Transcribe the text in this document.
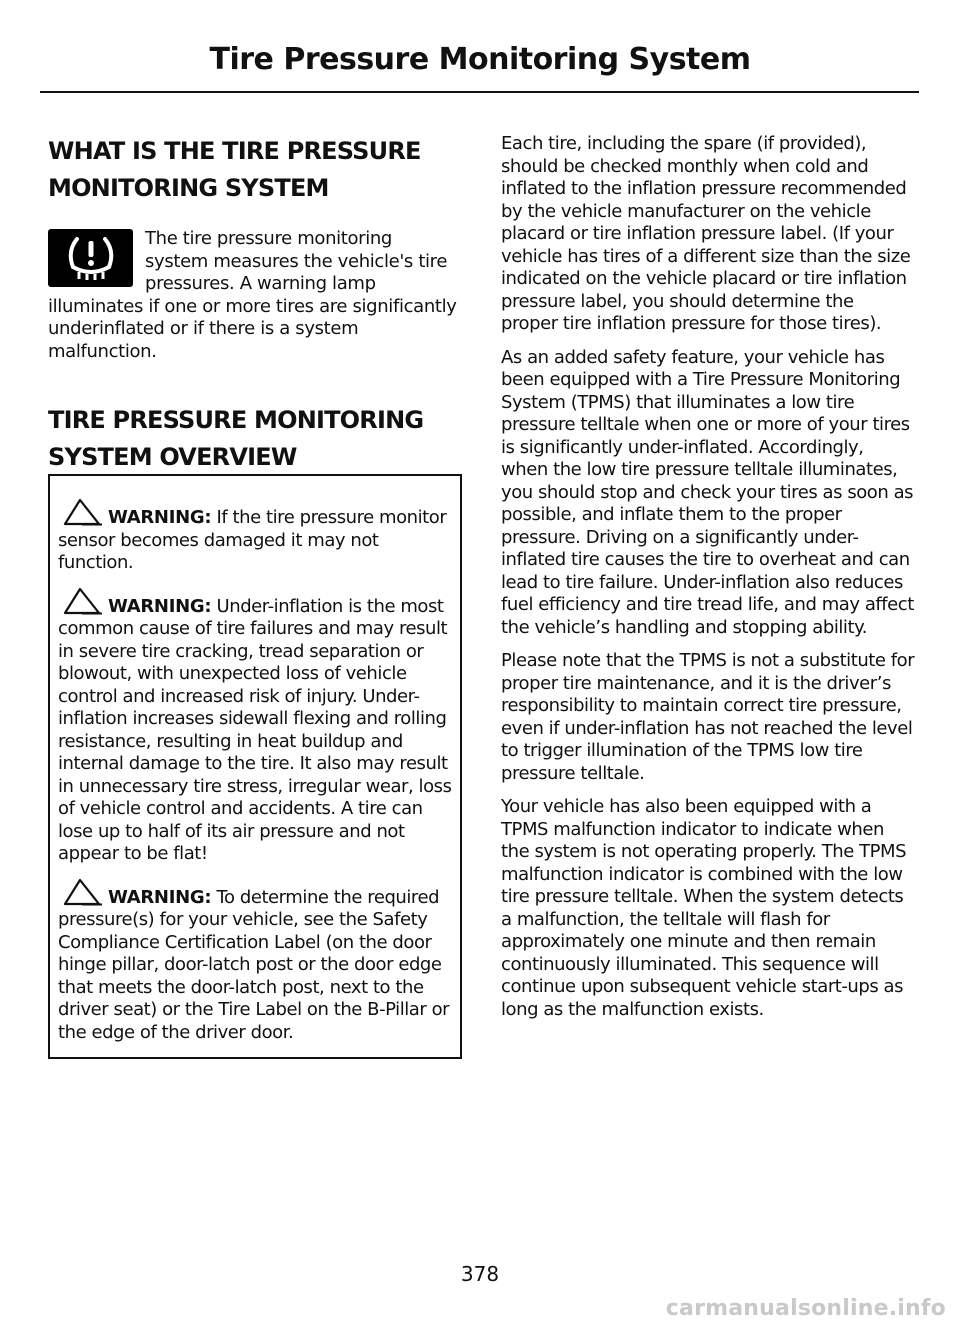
Tire Pressure Monitoring System
WHAT IS THE TIRE PRESSURE
MONITORING SYSTEM

The tire pressure monitoring system measures the vehicle's tire pressures. A warning lamp illuminates if one or more tires are significantly underinflated or if there is a system malfunction.

TIRE PRESSURE MONITORING
SYSTEM OVERVIEW

WARNING: If the tire pressure monitor sensor becomes damaged it may not function.

WARNING: Under-inflation is the most common cause of tire failures and may result in severe tire cracking, tread separation or blowout, with unexpected loss of vehicle control and increased risk of injury. Under-inflation increases sidewall flexing and rolling resistance, resulting in heat buildup and internal damage to the tire. It also may result in unnecessary tire stress, irregular wear, loss of vehicle control and accidents. A tire can lose up to half of its air pressure and not appear to be flat!

WARNING: To determine the required pressure(s) for your vehicle, see the Safety Compliance Certification Label (on the door hinge pillar, door-latch post or the door edge that meets the door-latch post, next to the driver seat) or the Tire Label on the B-Pillar or the edge of the driver door.

Each tire, including the spare (if provided), should be checked monthly when cold and inflated to the inflation pressure recommended by the vehicle manufacturer on the vehicle placard or tire inflation pressure label. (If your vehicle has tires of a different size than the size indicated on the vehicle placard or tire inflation pressure label, you should determine the proper tire inflation pressure for those tires).

As an added safety feature, your vehicle has been equipped with a Tire Pressure Monitoring System (TPMS) that illuminates a low tire pressure telltale when one or more of your tires is significantly under-inflated. Accordingly, when the low tire pressure telltale illuminates, you should stop and check your tires as soon as possible, and inflate them to the proper pressure. Driving on a significantly under-inflated tire causes the tire to overheat and can lead to tire failure. Under-inflation also reduces fuel efficiency and tire tread life, and may affect the vehicle’s handling and stopping ability.

Please note that the TPMS is not a substitute for proper tire maintenance, and it is the driver’s responsibility to maintain correct tire pressure, even if under-inflation has not reached the level to trigger illumination of the TPMS low tire pressure telltale.

Your vehicle has also been equipped with a TPMS malfunction indicator to indicate when the system is not operating properly. The TPMS malfunction indicator is combined with the low tire pressure telltale. When the system detects a malfunction, the telltale will flash for approximately one minute and then remain continuously illuminated. This sequence will continue upon subsequent vehicle start-ups as long as the malfunction exists.

378
carmanualsonline.info
